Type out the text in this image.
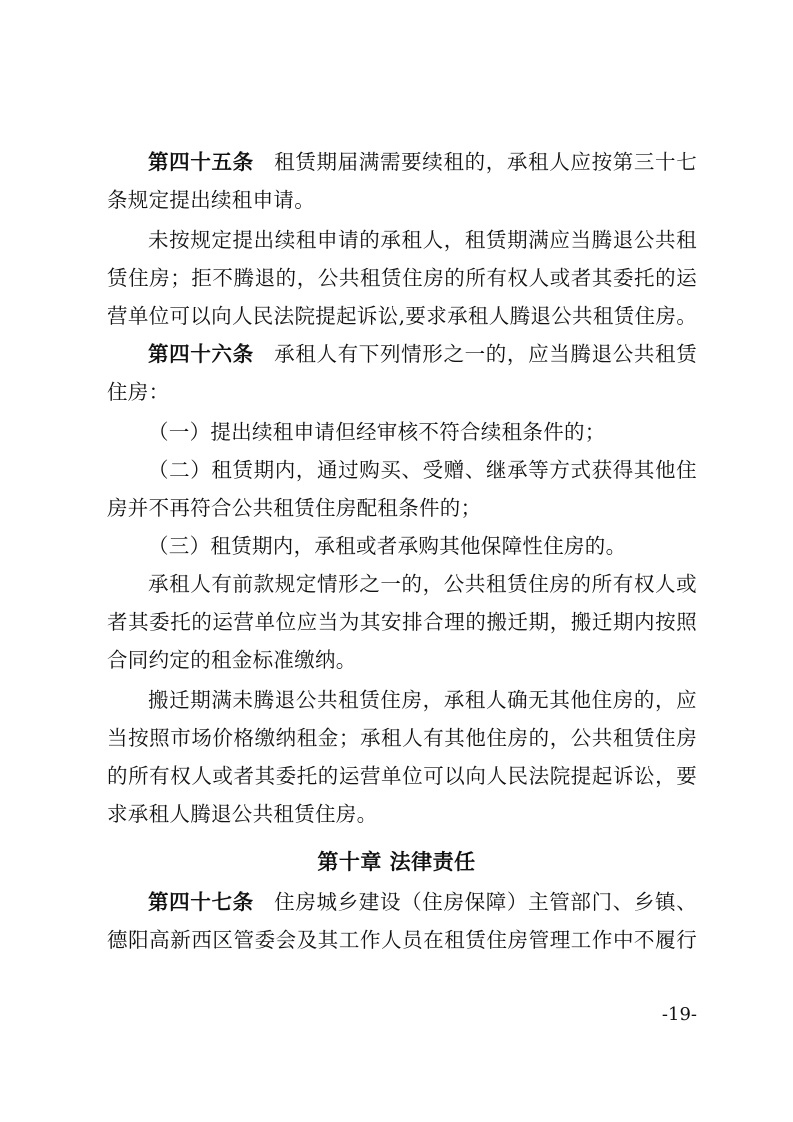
第四十五条 租赁期届满需要续租的，承租人应按第三十七
条规定提出续租申请。
未按规定提出续租申请的承租人，租赁期满应当腾退公共租
赁住房；拒不腾退的，公共租赁住房的所有权人或者其委托的运
营单位可以向人民法院提起诉讼,要求承租人腾退公共租赁住房。
第四十六条 承租人有下列情形之一的，应当腾退公共租赁
住房：
（一）提出续租申请但经审核不符合续租条件的；
（二）租赁期内，通过购买、受赠、继承等方式获得其他住
房并不再符合公共租赁住房配租条件的；
（三）租赁期内，承租或者承购其他保障性住房的。
承租人有前款规定情形之一的，公共租赁住房的所有权人或
者其委托的运营单位应当为其安排合理的搬迁期，搬迁期内按照
合同约定的租金标准缴纳。
搬迁期满未腾退公共租赁住房，承租人确无其他住房的，应
当按照市场价格缴纳租金；承租人有其他住房的，公共租赁住房
的所有权人或者其委托的运营单位可以向人民法院提起诉讼，要
求承租人腾退公共租赁住房。
第十章 法律责任
第四十七条 住房城乡建设（住房保障）主管部门、乡镇、
德阳高新西区管委会及其工作人员在租赁住房管理工作中不履行
-19-
